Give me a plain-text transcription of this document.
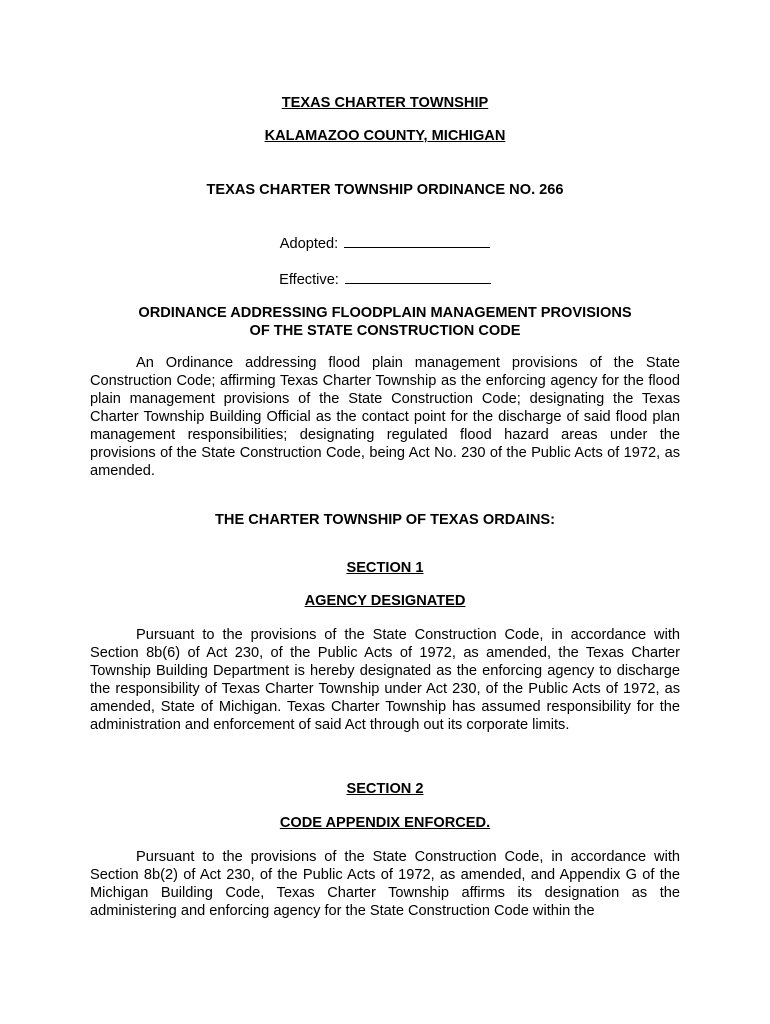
TEXAS CHARTER TOWNSHIP
KALAMAZOO COUNTY, MICHIGAN
TEXAS CHARTER TOWNSHIP ORDINANCE NO. 266
Adopted:
Effective:
ORDINANCE ADDRESSING FLOODPLAIN MANAGEMENT PROVISIONS
OF THE STATE CONSTRUCTION CODE
An Ordinance addressing flood plain management provisions of the State Construction Code; affirming Texas Charter Township as the enforcing agency for the flood plain management provisions of the State Construction Code; designating the Texas Charter Township Building Official as the contact point for the discharge of said flood plan management responsibilities; designating regulated flood hazard areas under the provisions of the State Construction Code, being Act No. 230 of the Public Acts of 1972, as amended.
THE CHARTER TOWNSHIP OF TEXAS ORDAINS:
SECTION 1
AGENCY DESIGNATED
Pursuant to the provisions of the State Construction Code, in accordance with Section 8b(6) of Act 230, of the Public Acts of 1972, as amended, the Texas Charter Township Building Department is hereby designated as the enforcing agency to discharge the responsibility of Texas Charter Township under Act 230, of the Public Acts of 1972, as amended, State of Michigan. Texas Charter Township has assumed responsibility for the administration and enforcement of said Act through out its corporate limits.
SECTION 2
CODE APPENDIX ENFORCED.
Pursuant to the provisions of the State Construction Code, in accordance with Section 8b(2) of Act 230, of the Public Acts of 1972, as amended, and Appendix G of the Michigan Building Code, Texas Charter Township affirms its designation as the administering and enforcing agency for the State Construction Code within the
